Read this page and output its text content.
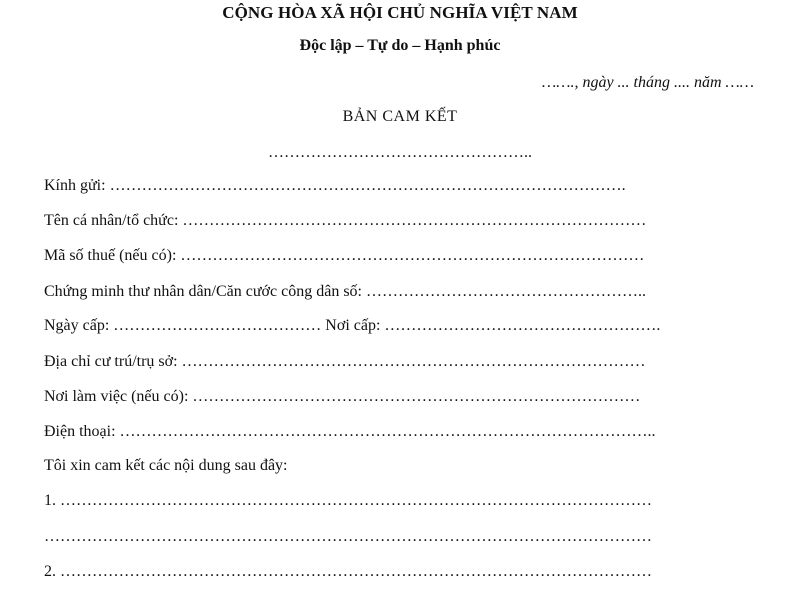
CỘNG HÒA XÃ HỘI CHỦ NGHĨA VIỆT NAM
Độc lập – Tự do – Hạnh phúc
……., ngày ... tháng .... năm ……
BẢN CAM KẾT
…………………………………………..
Kính gửi: …………………………………………………………………………………….
Tên cá nhân/tổ chức: ……………………………………………………………………………
Mã số thuế (nếu có): ……………………………………………………………………………
Chứng minh thư nhân dân/Căn cước công dân số: ……………………………………………..
Ngày cấp: ………………………………… Nơi cấp: …………………………………………….
Địa chỉ cư trú/trụ sở: ……………………………………………………………………………
Nơi làm việc (nếu có): …………………………………………………………………………
Điện thoại: ………………………………………………………………………………………..
Tôi xin cam kết các nội dung sau đây:
1. …………………………………………………………………………………………………
……………………………………………………………………………………………………
2. …………………………………………………………………………………………………
